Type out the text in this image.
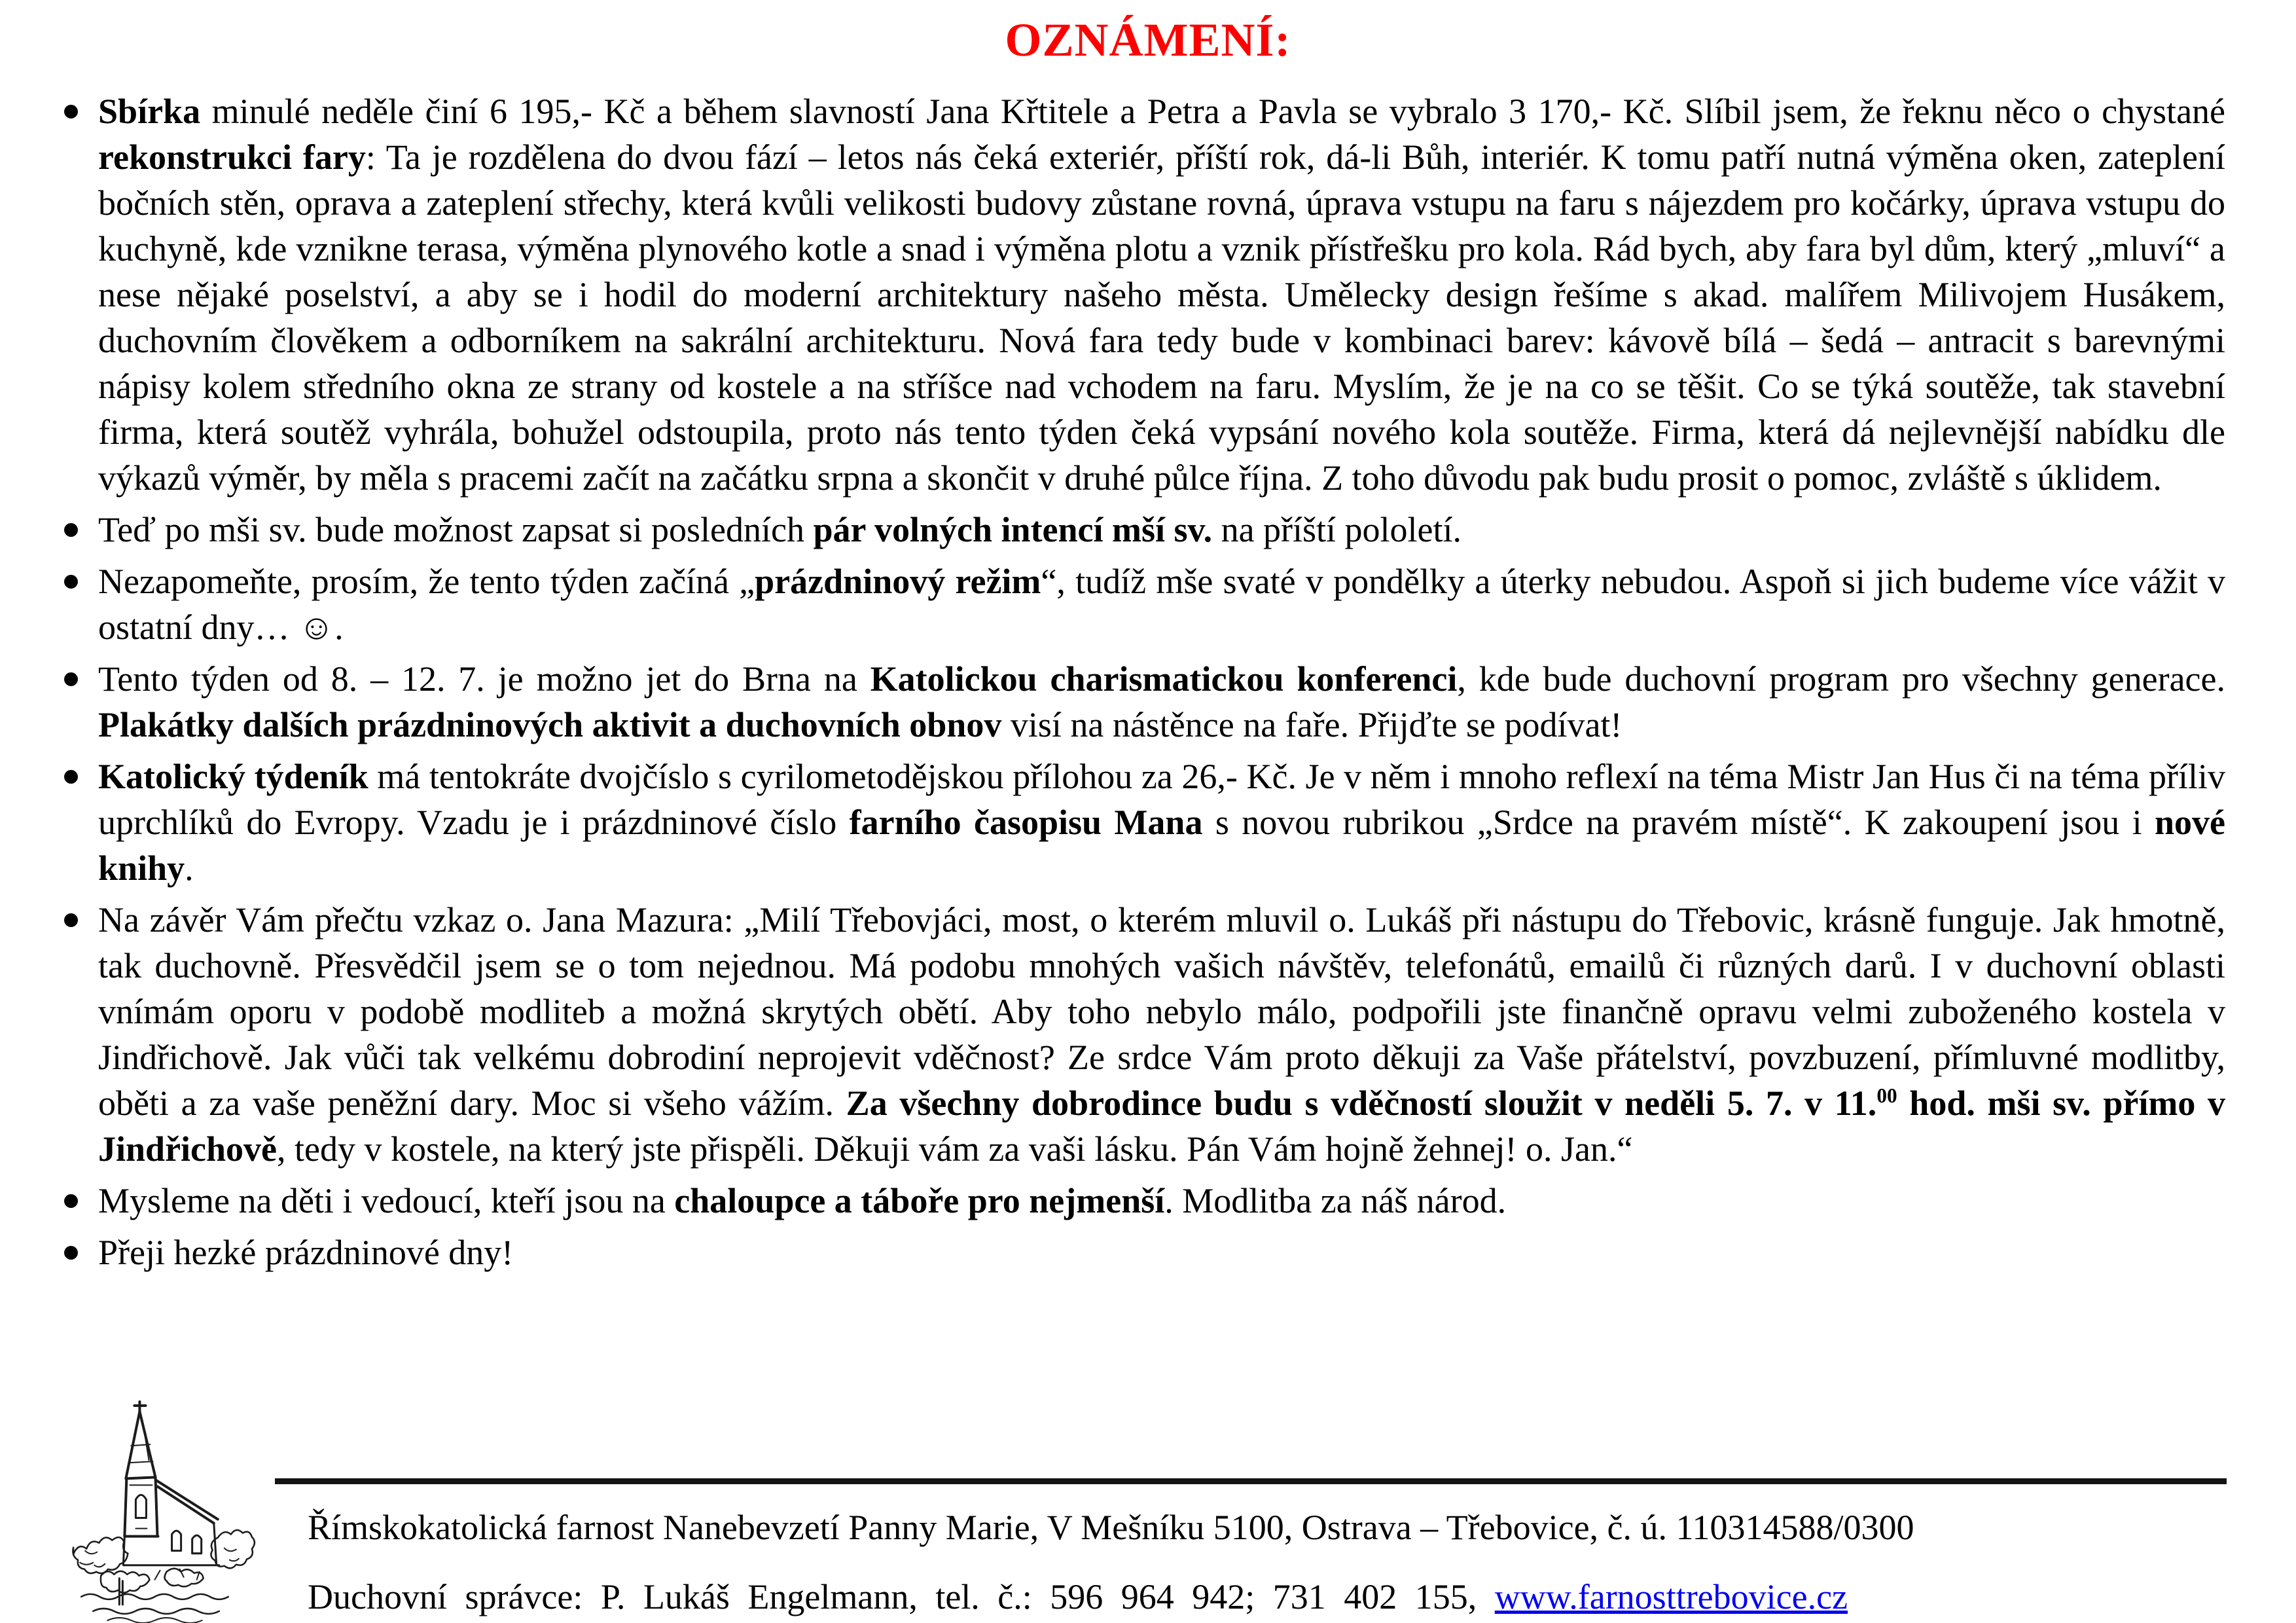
OZNÁMENÍ:
Sbírka minulé neděle činí 6 195,- Kč a během slavností Jana Křtitele a Petra a Pavla se vybralo 3 170,- Kč. Slíbil jsem, že řeknu něco o chystané rekonstrukci fary: Ta je rozdělena do dvou fází – letos nás čeká exteriér, příští rok, dá-li Bůh, interiér. K tomu patří nutná výměna oken, zateplení bočních stěn, oprava a zateplení střechy, která kvůli velikosti budovy zůstane rovná, úprava vstupu na faru s nájezdem pro kočárky, úprava vstupu do kuchyně, kde vznikne terasa, výměna plynového kotle a snad i výměna plotu a vznik přístřešku pro kola. Rád bych, aby fara byl dům, který „mluví“ a nese nějaké poselství, a aby se i hodil do moderní architektury našeho města. Umělecky design řešíme s akad. malířem Milivojem Husákem, duchovním člověkem a odborníkem na sakrální architekturu. Nová fara tedy bude v kombinaci barev: kávově bílá – šedá – antracit s barevnými nápisy kolem středního okna ze strany od kostele a na stříšce nad vchodem na faru. Myslím, že je na co se těšit. Co se týká soutěže, tak stavební firma, která soutěž vyhrála, bohužel odstoupila, proto nás tento týden čeká vypsání nového kola soutěže. Firma, která dá nejlevnější nabídku dle výkazů výměr, by měla s pracemi začít na začátku srpna a skončit v druhé půlce října. Z toho důvodu pak budu prosit o pomoc, zvláště s úklidem.
Teď po mši sv. bude možnost zapsat si posledních pár volných intencí mší sv. na příští pololetí.
Nezapomeňte, prosím, že tento týden začíná „prázdninový režim“, tudíž mše svaté v pondělky a úterky nebudou. Aspoň si jich budeme více vážit v ostatní dny… ☺.
Tento týden od 8. – 12. 7. je možno jet do Brna na Katolickou charismatickou konferenci, kde bude duchovní program pro všechny generace. Plakátky dalších prázdninových aktivit a duchovních obnov visí na nástěnce na faře. Přijďte se podívat!
Katolický týdeník má tentokráte dvojčíslo s cyrilometodějskou přílohou za 26,- Kč. Je v něm i mnoho reflexí na téma Mistr Jan Hus či na téma příliv uprchlíků do Evropy. Vzadu je i prázdninové číslo farního časopisu Mana s novou rubrikou „Srdce na pravém místě“. K zakoupení jsou i nové knihy.
Na závěr Vám přečtu vzkaz o. Jana Mazura: „Milí Třebovjáci, most, o kterém mluvil o. Lukáš při nástupu do Třebovic, krásně funguje. Jak hmotně, tak duchovně. Přesvědčil jsem se o tom nejednou. Má podobu mnohých vašich návštěv, telefonátů, emailů či různých darů. I v duchovní oblasti vnímám oporu v podobě modliteb a možná skrytých obětí. Aby toho nebylo málo, podpořili jste finančně opravu velmi zuboženého kostela v Jindřichově. Jak vůči tak velkému dobrodiní neprojevit vděčnost? Ze srdce Vám proto děkuji za Vaše přátelství, povzbuzení, přímluvné modlitby, oběti a za vaše peněžní dary. Moc si všeho vážím. Za všechny dobrodince budu s vděčností sloužit v neděli 5. 7. v 11.00 hod. mši sv. přímo v Jindřichově, tedy v kostele, na který jste přispěli. Děkuji vám za vaši lásku. Pán Vám hojně žehnej! o. Jan.“
Mysleme na děti i vedoucí, kteří jsou na chaloupce a táboře pro nejmenší. Modlitba za náš národ.
Přeji hezké prázdninové dny!
Římskokatolická farnost Nanebevzetí Panny Marie, V Mešníku 5100, Ostrava – Třebovice, č. ú. 110314588/0300
Duchovní správce: P. Lukáš Engelmann, tel. č.: 596 964 942; 731 402 155, www.farnosttrebovice.cz
